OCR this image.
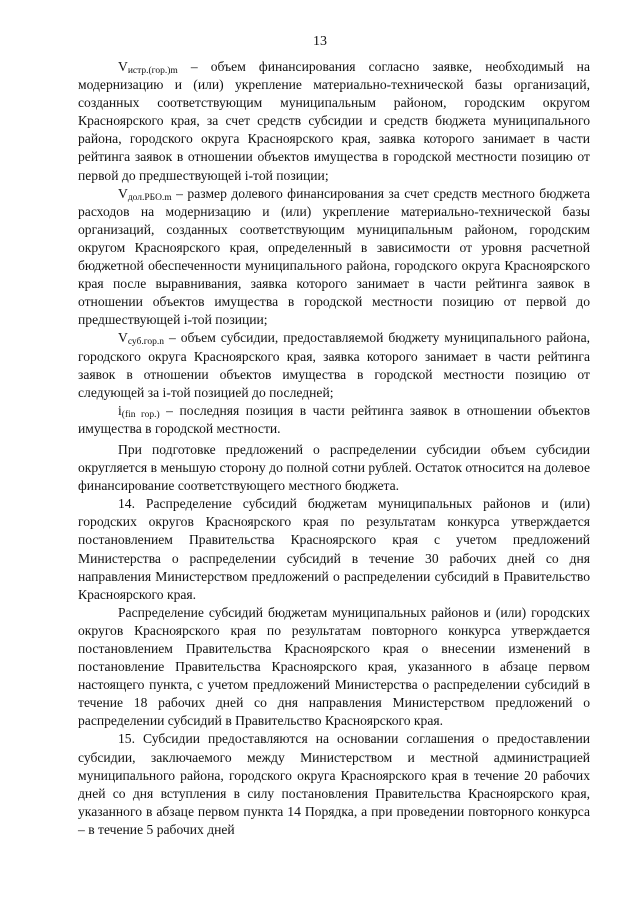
13

$V_{истр.(гор.)m}$ – объем финансирования согласно заявке, необходимый на модернизацию и (или) укрепление материально-технической базы организаций, созданных соответствующим муниципальным районом, городским округом Красноярского края, за счет средств субсидии и средств бюджета муниципального района, городского округа Красноярского края, заявка которого занимает в части рейтинга заявок в отношении объектов имущества в городской местности позицию от первой до предшествующей i-той позиции;

$V_{дол.РБО.m}$ – размер долевого финансирования за счет средств местного бюджета расходов на модернизацию и (или) укрепление материально-технической базы организаций, созданных соответствующим муниципальным районом, городским округом Красноярского края, определенный в зависимости от уровня расчетной бюджетной обеспеченности муниципального района, городского округа Красноярского края после выравнивания, заявка которого занимает в части рейтинга заявок в отношении объектов имущества в городской местности позицию от первой до предшествующей i-той позиции;

$V_{суб.гор.n}$ – объем субсидии, предоставляемой бюджету муниципального района, городского округа Красноярского края, заявка которого занимает в части рейтинга заявок в отношении объектов имущества в городской местности позицию от следующей за i-той позицией до последней;

$i_{(fin гор.)}$ – последняя позиция в части рейтинга заявок в отношении объектов имущества в городской местности.

При подготовке предложений о распределении субсидии объем субсидии округляется в меньшую сторону до полной сотни рублей. Остаток относится на долевое финансирование соответствующего местного бюджета.

14. Распределение субсидий бюджетам муниципальных районов и (или) городских округов Красноярского края по результатам конкурса утверждается постановлением Правительства Красноярского края с учетом предложений Министерства о распределении субсидий в течение 30 рабочих дней со дня направления Министерством предложений о распределении субсидий в Правительство Красноярского края.

Распределение субсидий бюджетам муниципальных районов и (или) городских округов Красноярского края по результатам повторного конкурса утверждается постановлением Правительства Красноярского края о внесении изменений в постановление Правительства Красноярского края, указанного в абзаце первом настоящего пункта, с учетом предложений Министерства о распределении субсидий в течение 18 рабочих дней со дня направления Министерством предложений о распределении субсидий в Правительство Красноярского края.

15. Субсидии предоставляются на основании соглашения о предоставлении субсидии, заключаемого между Министерством и местной администрацией муниципального района, городского округа Красноярского края в течение 20 рабочих дней со дня вступления в силу постановления Правительства Красноярского края, указанного в абзаце первом пункта 14 Порядка, а при проведении повторного конкурса – в течение 5 рабочих дней
